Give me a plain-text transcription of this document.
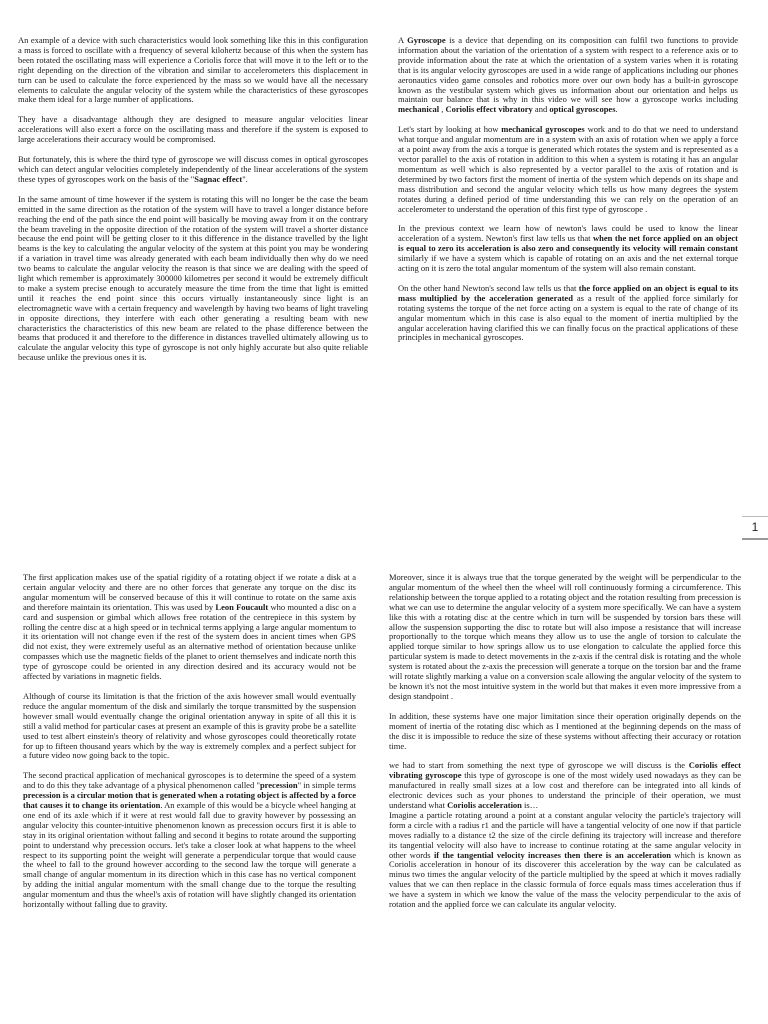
An example of a device with such characteristics would look something like this in this configuration a mass is forced to oscillate with a frequency of several kilohertz because of this when the system has been rotated the oscillating mass will experience a Coriolis force that will move it to the left or to the right depending on the direction of the vibration and similar to accelerometers this displacement in turn can be used to calculate the force experienced by the mass so we would have all the necessary elements to calculate the angular velocity of the system while the characteristics of these gyroscopes make them ideal for a large number of applications.

They have a disadvantage although they are designed to measure angular velocities linear accelerations will also exert a force on the oscillating mass and therefore if the system is exposed to large accelerations their accuracy would be compromised.

But fortunately, this is where the third type of gyroscope we will discuss comes in optical gyroscopes which can detect angular velocities completely independently of the linear accelerations of the system these types of gyroscopes work on the basis of the "Sagnac effect".

In the same amount of time however if the system is rotating this will no longer be the case the beam emitted in the same direction as the rotation of the system will have to travel a longer distance before reaching the end of the path since the end point will basically be moving away from it on the contrary the beam traveling in the opposite direction of the rotation of the system will travel a shorter distance because the end point will be getting closer to it this difference in the distance travelled by the light beams is the key to calculating the angular velocity of the system at this point you may be wondering if a variation in travel time was already generated with each beam individually then why do we need two beams to calculate the angular velocity the reason is that since we are dealing with the speed of light which remember is approximately 300000 kilometres per second it would be extremely difficult to make a system precise enough to accurately measure the time from the time that light is emitted until it reaches the end point since this occurs virtually instantaneously since light is an electromagnetic wave with a certain frequency and wavelength by having two beams of light traveling in opposite directions, they interfere with each other generating a resulting beam with new characteristics the characteristics of this new beam are related to the phase difference between the beams that produced it and therefore to the difference in distances travelled ultimately allowing us to calculate the angular velocity this type of gyroscope is not only highly accurate but also quite reliable because unlike the previous ones it is.

A Gyroscope is a device that depending on its composition can fulfil two functions to provide information about the variation of the orientation of a system with respect to a reference axis or to provide information about the rate at which the orientation of a system varies when it is rotating that is its angular velocity gyroscopes are used in a wide range of applications including our phones aeronautics video game consoles and robotics more over our own body has a built-in gyroscope known as the vestibular system which gives us information about our orientation and helps us maintain our balance that is why in this video we will see how a gyroscope works including mechanical , Coriolis effect vibratory and optical gyroscopes.

Let's start by looking at how mechanical gyroscopes work and to do that we need to understand what torque and angular momentum are in a system with an axis of rotation when we apply a force at a point away from the axis a torque is generated which rotates the system and is represented as a vector parallel to the axis of rotation in addition to this when a system is rotating it has an angular momentum as well which is also represented by a vector parallel to the axis of rotation and is determined by two factors first the moment of inertia of the system which depends on its shape and mass distribution and second the angular velocity which tells us how many degrees the system rotates during a defined period of time understanding this we can rely on the operation of an accelerometer to understand the operation of this first type of gyroscope .

In the previous context we learn how of newton's laws could be used to know the linear acceleration of a system. Newton's first law tells us that when the net force applied on an object is equal to zero its acceleration is also zero and consequently its velocity will remain constant similarly if we have a system which is capable of rotating on an axis and the net external torque acting on it is zero the total angular momentum of the system will also remain constant.

On the other hand Newton's second law tells us that the force applied on an object is equal to its mass multiplied by the acceleration generated as a result of the applied force similarly for rotating systems the torque of the net force acting on a system is equal to the rate of change of its angular momentum which in this case is also equal to the moment of inertia multiplied by the angular acceleration having clarified this we can finally focus on the practical applications of these principles in mechanical gyroscopes.

1

The first application makes use of the spatial rigidity of a rotating object if we rotate a disk at a certain angular velocity and there are no other forces that generate any torque on the disc its angular momentum will be conserved because of this it will continue to rotate on the same axis and therefore maintain its orientation. This was used by Leon Foucault who mounted a disc on a card and suspension or gimbal which allows free rotation of the centrepiece in this system by rolling the centre disc at a high speed or in technical terms applying a large angular momentum to it its orientation will not change even if the rest of the system does in ancient times when GPS did not exist, they were extremely useful as an alternative method of orientation because unlike compasses which use the magnetic fields of the planet to orient themselves and indicate north this type of gyroscope could be oriented in any direction desired and its accuracy would not be affected by variations in magnetic fields.

Although of course its limitation is that the friction of the axis however small would eventually reduce the angular momentum of the disk and similarly the torque transmitted by the suspension however small would eventually change the original orientation anyway in spite of all this it is still a valid method for particular cases at present an example of this is gravity probe be a satellite used to test albert einstein's theory of relativity and whose gyroscopes could theoretically rotate for up to fifteen thousand years which by the way is extremely complex and a perfect subject for a future video now going back to the topic.

The second practical application of mechanical gyroscopes is to determine the speed of a system and to do this they take advantage of a physical phenomenon called "precession" in simple terms precession is a circular motion that is generated when a rotating object is affected by a force that causes it to change its orientation. An example of this would be a bicycle wheel hanging at one end of its axle which if it were at rest would fall due to gravity however by possessing an angular velocity this counter-intuitive phenomenon known as precession occurs first it is able to stay in its original orientation without falling and second it begins to rotate around the supporting point to understand why precession occurs. let's take a closer look at what happens to the wheel respect to its supporting point the weight will generate a perpendicular torque that would cause the wheel to fall to the ground however according to the second law the torque will generate a small change of angular momentum in its direction which in this case has no vertical component by adding the initial angular momentum with the small change due to the torque the resulting angular momentum and thus the wheel's axis of rotation will have slightly changed its orientation horizontally without falling due to gravity.

Moreover, since it is always true that the torque generated by the weight will be perpendicular to the angular momentum of the wheel then the wheel will roll continuously forming a circumference. This relationship between the torque applied to a rotating object and the rotation resulting from precession is what we can use to determine the angular velocity of a system more specifically. We can have a system like this with a rotating disc at the centre which in turn will be suspended by torsion bars these will allow the suspension supporting the disc to rotate but will also impose a resistance that will increase proportionally to the torque which means they allow us to use the angle of torsion to calculate the applied torque similar to how springs allow us to use elongation to calculate the applied force this particular system is made to detect movements in the z-axis if the central disk is rotating and the whole system is rotated about the z-axis the precession will generate a torque on the torsion bar and the frame will rotate slightly marking a value on a conversion scale allowing the angular velocity of the system to be known it's not the most intuitive system in the world but that makes it even more impressive from a design standpoint .

In addition, these systems have one major limitation since their operation originally depends on the moment of inertia of the rotating disc which as I mentioned at the beginning depends on the mass of the disc it is impossible to reduce the size of these systems without affecting their accuracy or rotation time.

we had to start from something the next type of gyroscope we will discuss is the Coriolis effect vibrating gyroscope this type of gyroscope is one of the most widely used nowadays as they can be manufactured in really small sizes at a low cost and therefore can be integrated into all kinds of electronic devices such as your phones to understand the principle of their operation, we must understand what Coriolis acceleration is…

Imagine a particle rotating around a point at a constant angular velocity the particle's trajectory will form a circle with a radius r1 and the particle will have a tangential velocity of one now if that particle moves radially to a distance t2 the size of the circle defining its trajectory will increase and therefore its tangential velocity will also have to increase to continue rotating at the same angular velocity in other words if the tangential velocity increases then there is an acceleration which is known as Coriolis acceleration in honour of its discoverer this acceleration by the way can be calculated as minus two times the angular velocity of the particle multiplied by the speed at which it moves radially values that we can then replace in the classic formula of force equals mass times acceleration thus if we have a system in which we know the value of the mass the velocity perpendicular to the axis of rotation and the applied force we can calculate its angular velocity.
